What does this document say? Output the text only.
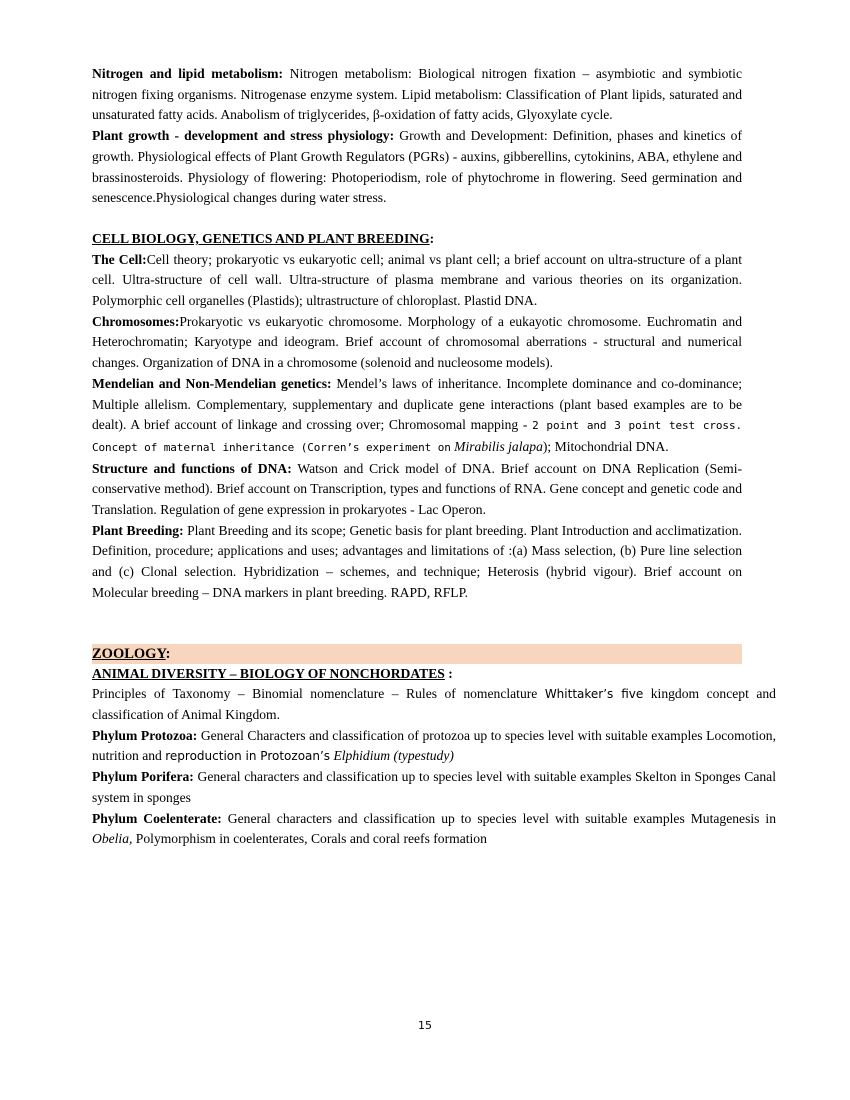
Nitrogen and lipid metabolism: Nitrogen metabolism: Biological nitrogen fixation – asymbiotic and symbiotic nitrogen fixing organisms. Nitrogenase enzyme system. Lipid metabolism: Classification of Plant lipids, saturated and unsaturated fatty acids. Anabolism of triglycerides, β-oxidation of fatty acids, Glyoxylate cycle.

Plant growth - development and stress physiology: Growth and Development: Definition, phases and kinetics of growth. Physiological effects of Plant Growth Regulators (PGRs) - auxins, gibberellins, cytokinins, ABA, ethylene and brassinosteroids. Physiology of flowering: Photoperiodism, role of phytochrome in flowering. Seed germination and senescence.Physiological changes during water stress.

CELL BIOLOGY, GENETICS AND PLANT BREEDING:

The Cell:Cell theory; prokaryotic vs eukaryotic cell; animal vs plant cell; a brief account on ultra-structure of a plant cell. Ultra-structure of cell wall. Ultra-structure of plasma membrane and various theories on its organization. Polymorphic cell organelles (Plastids); ultrastructure of chloroplast. Plastid DNA.

Chromosomes:Prokaryotic vs eukaryotic chromosome. Morphology of a eukayotic chromosome. Euchromatin and Heterochromatin; Karyotype and ideogram. Brief account of chromosomal aberrations - structural and numerical changes. Organization of DNA in a chromosome (solenoid and nucleosome models).

Mendelian and Non-Mendelian genetics: Mendel’s laws of inheritance. Incomplete dominance and co-dominance; Multiple allelism. Complementary, supplementary and duplicate gene interactions (plant based examples are to be dealt). A brief account of linkage and crossing over; Chromosomal mapping - 2 point and 3 point test cross. Concept of maternal inheritance (Corren’s experiment on Mirabilis jalapa); Mitochondrial DNA.

Structure and functions of DNA: Watson and Crick model of DNA. Brief account on DNA Replication (Semi- conservative method). Brief account on Transcription, types and functions of RNA. Gene concept and genetic code and Translation. Regulation of gene expression in prokaryotes - Lac Operon.

Plant Breeding: Plant Breeding and its scope; Genetic basis for plant breeding. Plant Introduction and acclimatization. Definition, procedure; applications and uses; advantages and limitations of :(a) Mass selection, (b) Pure line selection and (c) Clonal selection. Hybridization – schemes, and technique; Heterosis (hybrid vigour). Brief account on Molecular breeding – DNA markers in plant breeding. RAPD, RFLP.

ZOOLOGY:

ANIMAL DIVERSITY – BIOLOGY OF NONCHORDATES :

Principles of Taxonomy – Binomial nomenclature – Rules of nomenclature Whittaker’s five kingdom concept and classification of Animal Kingdom.

Phylum Protozoa: General Characters and classification of protozoa up to species level with suitable examples Locomotion, nutrition and reproduction in Protozoan’s Elphidium (typestudy)

Phylum Porifera: General characters and classification up to species level with suitable examples Skelton in Sponges Canal system in sponges

Phylum Coelenterate: General characters and classification up to species level with suitable examples Mutagenesis in Obelia, Polymorphism in coelenterates, Corals and coral reefs formation

15
